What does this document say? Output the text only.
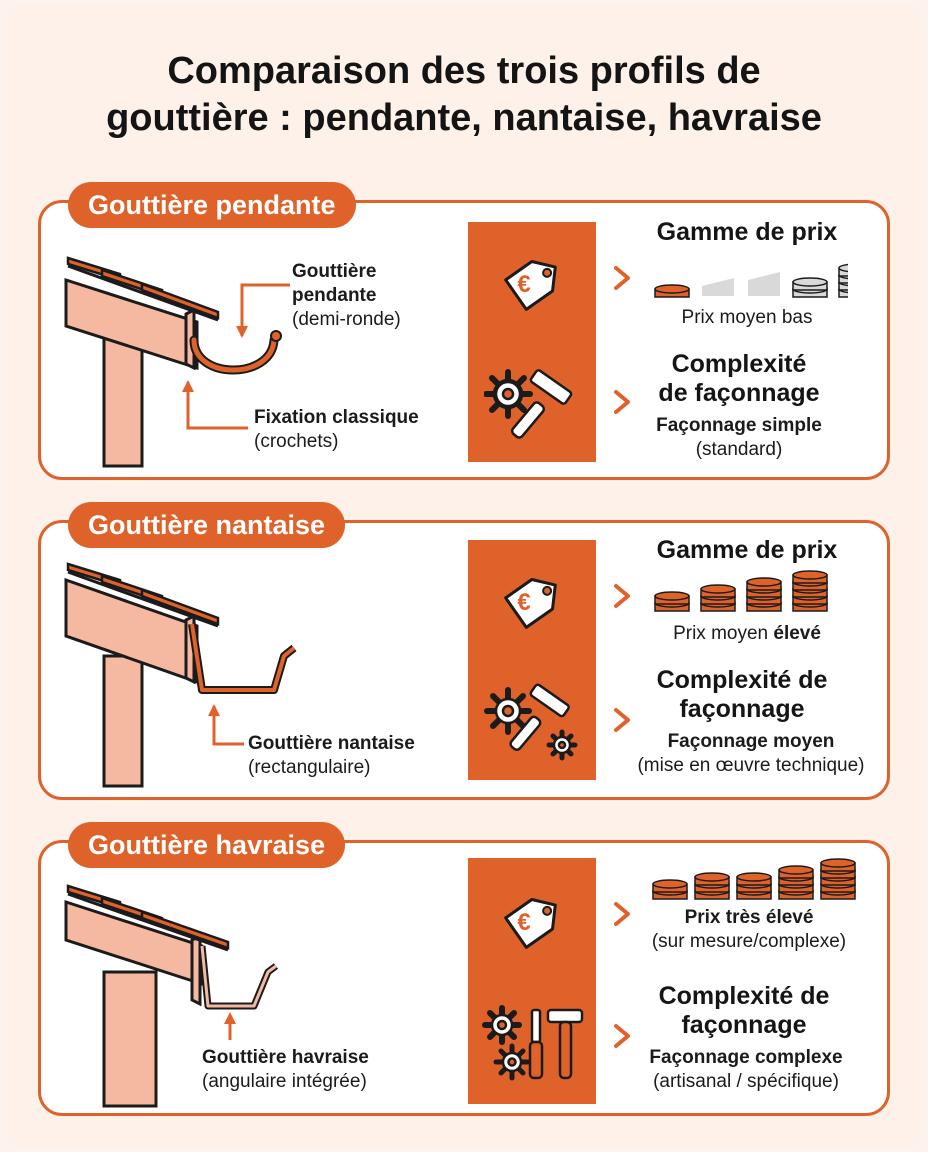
Comparaison des trois profils de
gouttière : pendante, nantaise, havraise
Gouttière pendante
Gouttière
pendante
(demi-ronde)
Fixation classique
(crochets)
€
Gamme de prix
Prix moyen bas
Complexité
de façonnage
Façonnage simple
(standard)
Gouttière nantaise
Gouttière nantaise
(rectangulaire)
€
Gamme de prix
Prix moyen élevé
Complexité de
façonnage
Façonnage moyen
(mise en œuvre technique)
Gouttière havraise
Gouttière havraise
(angulaire intégrée)
€	Prix très élevé
(sur mesure/complexe)
Complexité de
façonnage
Façonnage complexe
(artisanal / spécifique)
